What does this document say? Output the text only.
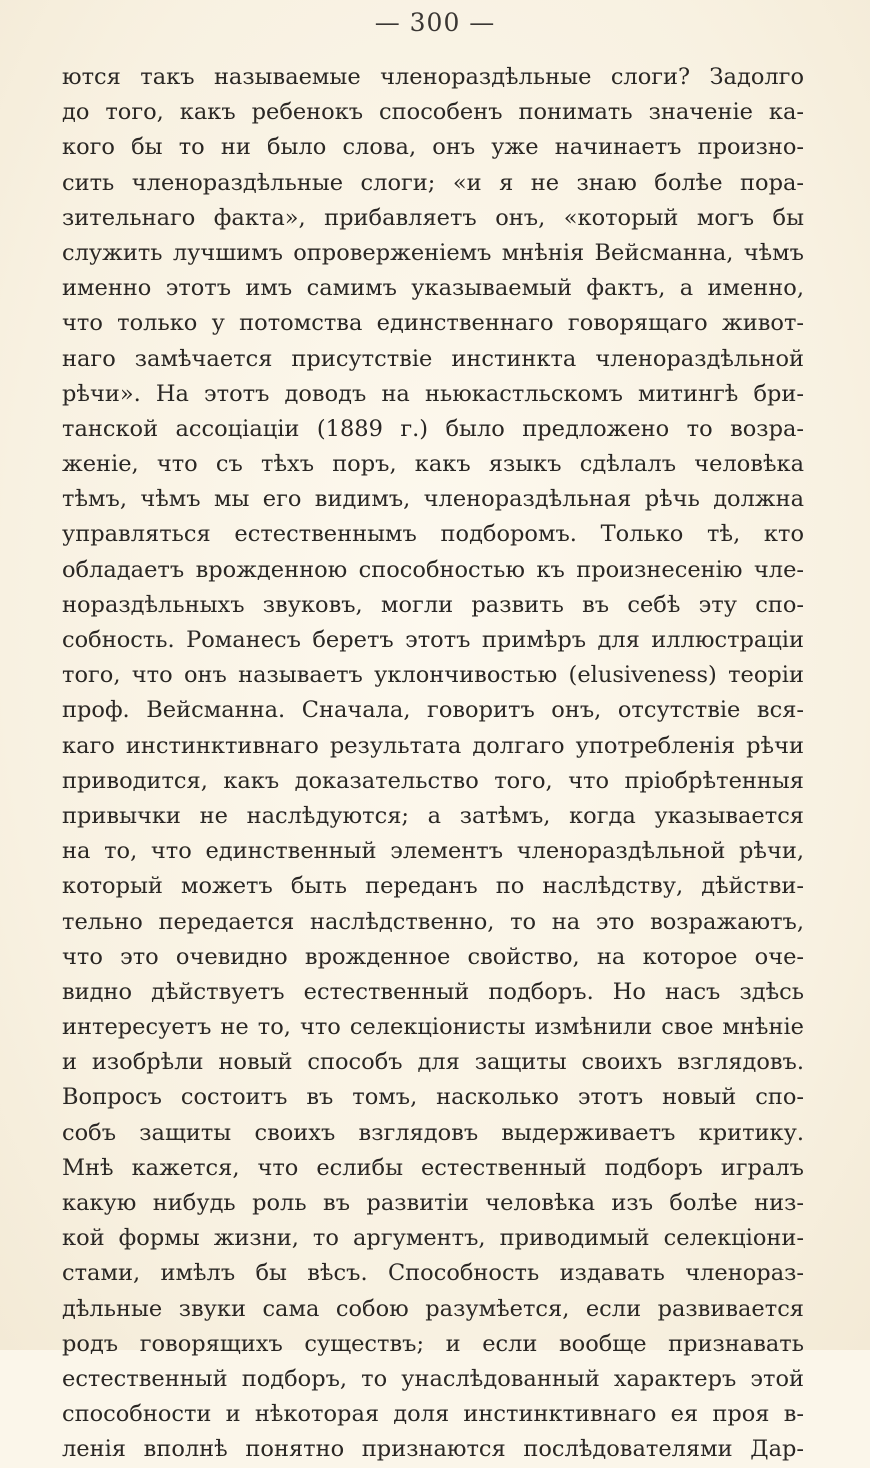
— 300 —
ются такъ называемые членораздѣльные слоги? Задолго
до того, какъ ребенокъ способенъ понимать значеніе ка-
кого бы то ни было слова, онъ уже начинаетъ произно-
сить членораздѣльные слоги; «и я не знаю болѣе пора-
зительнаго факта», прибавляетъ онъ, «который могъ бы
служить лучшимъ опроверженіемъ мнѣнія Вейсманна, чѣмъ
именно этотъ имъ самимъ указываемый фактъ, а именно,
что только у потомства единственнаго говорящаго живот-
наго замѣчается присутствіе инстинкта членораздѣльной
рѣчи». На этотъ доводъ на ньюкастльскомъ митингѣ бри-
танской ассоціаціи (1889 г.) было предложено то возра-
женіе, что съ тѣхъ поръ, какъ языкъ сдѣлалъ человѣка
тѣмъ, чѣмъ мы его видимъ, членораздѣльная рѣчь должна
управляться естественнымъ подборомъ. Только тѣ, кто
обладаетъ врожденною способностью къ произнесенію чле-
нораздѣльныхъ звуковъ, могли развить въ себѣ эту спо-
собность. Романесъ беретъ этотъ примѣръ для иллюстраціи
того, что онъ называетъ уклончивостью (elusiveness) теоріи
проф. Вейсманна. Сначала, говоритъ онъ, отсутствіе вся-
каго инстинктивнаго результата долгаго употребленія рѣчи
приводится, какъ доказательство того, что пріобрѣтенныя
привычки не наслѣдуются; а затѣмъ, когда указывается
на то, что единственный элементъ членораздѣльной рѣчи,
который можетъ быть переданъ по наслѣдству, дѣйстви-
тельно передается наслѣдственно, то на это возражаютъ,
что это очевидно врожденное свойство, на которое оче-
видно дѣйствуетъ естественный подборъ. Но насъ здѣсь
интересуетъ не то, что селекціонисты измѣнили свое мнѣніе
и изобрѣли новый способъ для защиты своихъ взглядовъ.
Вопросъ состоитъ въ томъ, насколько этотъ новый спо-
собъ защиты своихъ взглядовъ выдерживаетъ критику.
Мнѣ кажется, что еслибы естественный подборъ игралъ
какую нибудь роль въ развитіи человѣка изъ болѣе низ-
кой формы жизни, то аргументъ, приводимый селекціони-
стами, имѣлъ бы вѣсъ. Способность издавать членораз-
дѣльные звуки сама собою разумѣется, если развивается
родъ говорящихъ существъ; и если вообще признавать
естественный подборъ, то унаслѣдованный характеръ этой
способности и нѣкоторая доля инстинктивнаго ея проя в-
ленія вполнѣ понятно признаются послѣдователями Дар-
